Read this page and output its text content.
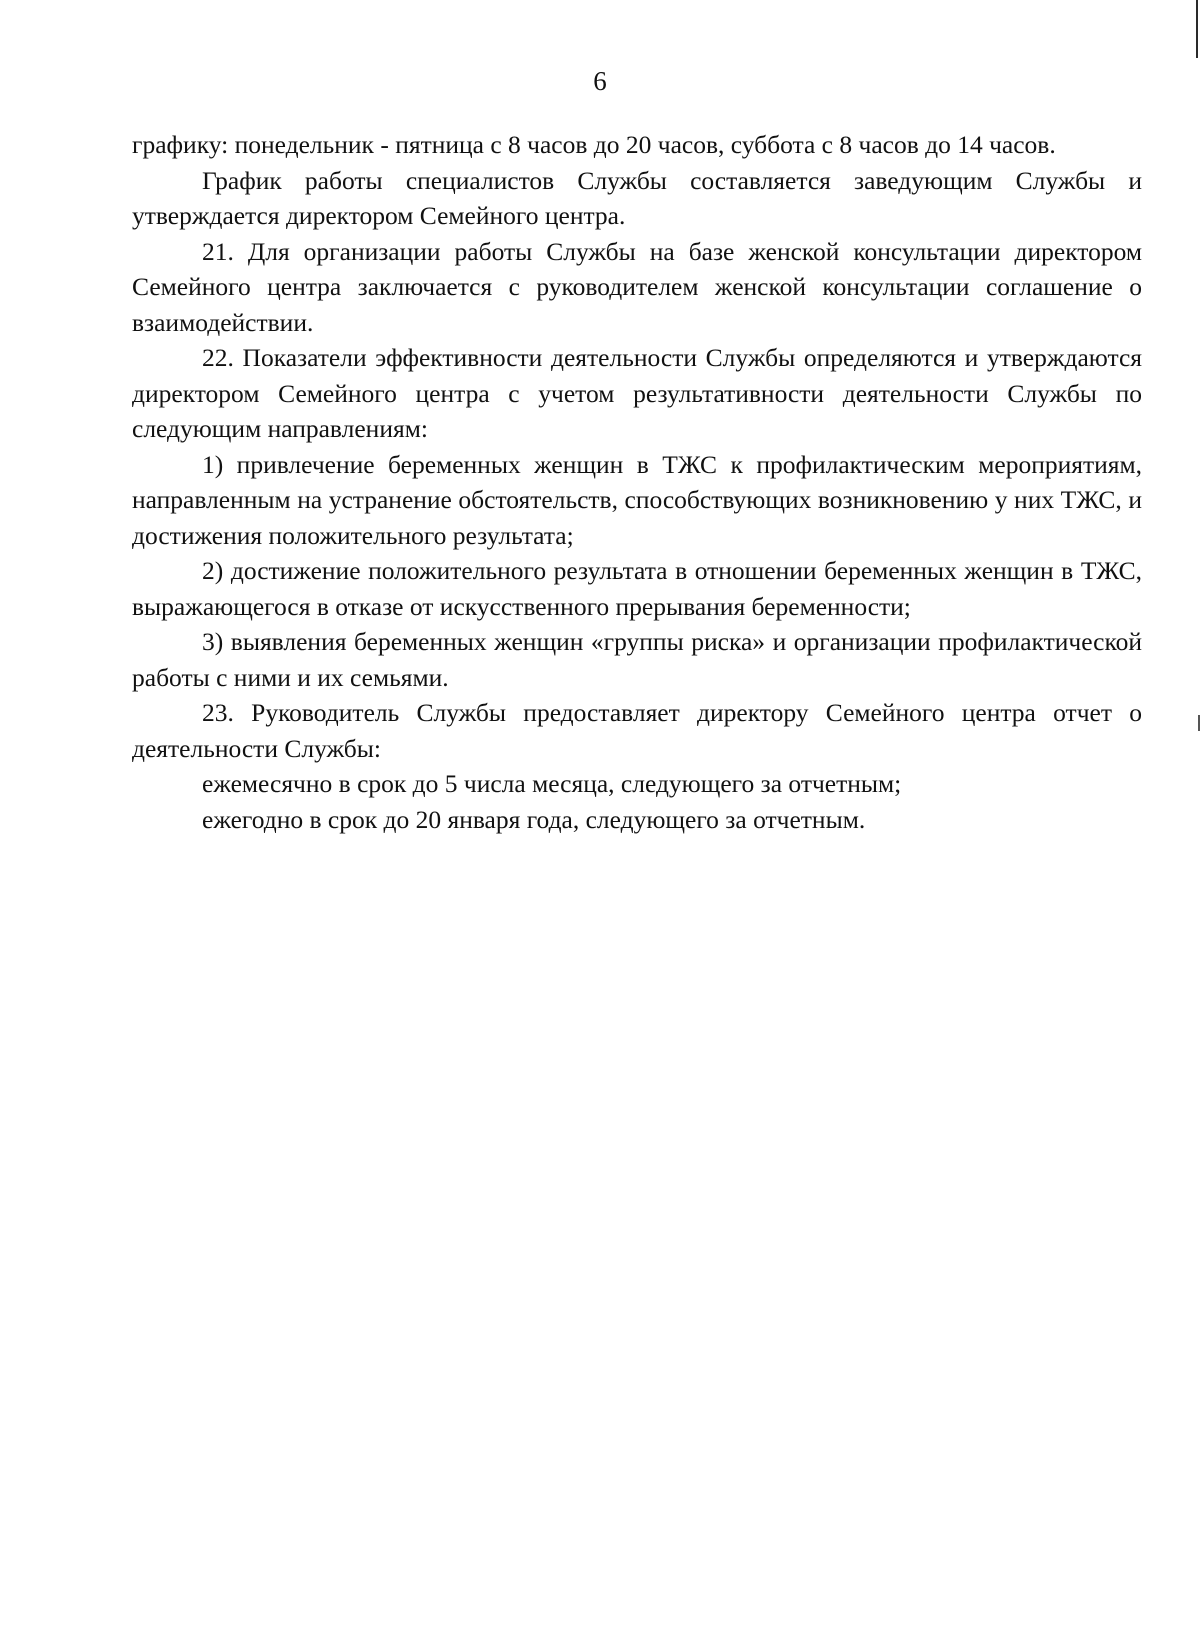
6

графику: понедельник - пятница с 8 часов до 20 часов, суббота с 8 часов до 14 часов.

График работы специалистов Службы составляется заведующим Службы и утверждается директором Семейного центра.

21. Для организации работы Службы на базе женской консультации директором Семейного центра заключается с руководителем женской консультации соглашение о взаимодействии.

22. Показатели эффективности деятельности Службы определяются и утверждаются директором Семейного центра с учетом результативности деятельности Службы по следующим направлениям:

1) привлечение беременных женщин в ТЖС к профилактическим мероприятиям, направленным на устранение обстоятельств, способствующих возникновению у них ТЖС, и достижения положительного результата;

2) достижение положительного результата в отношении беременных женщин в ТЖС, выражающегося в отказе от искусственного прерывания беременности;

3) выявления беременных женщин «группы риска» и организации профилактической работы с ними и их семьями.

23. Руководитель Службы предоставляет директору Семейного центра отчет о деятельности Службы:

ежемесячно в срок до 5 числа месяца, следующего за отчетным;

ежегодно в срок до 20 января года, следующего за отчетным.
